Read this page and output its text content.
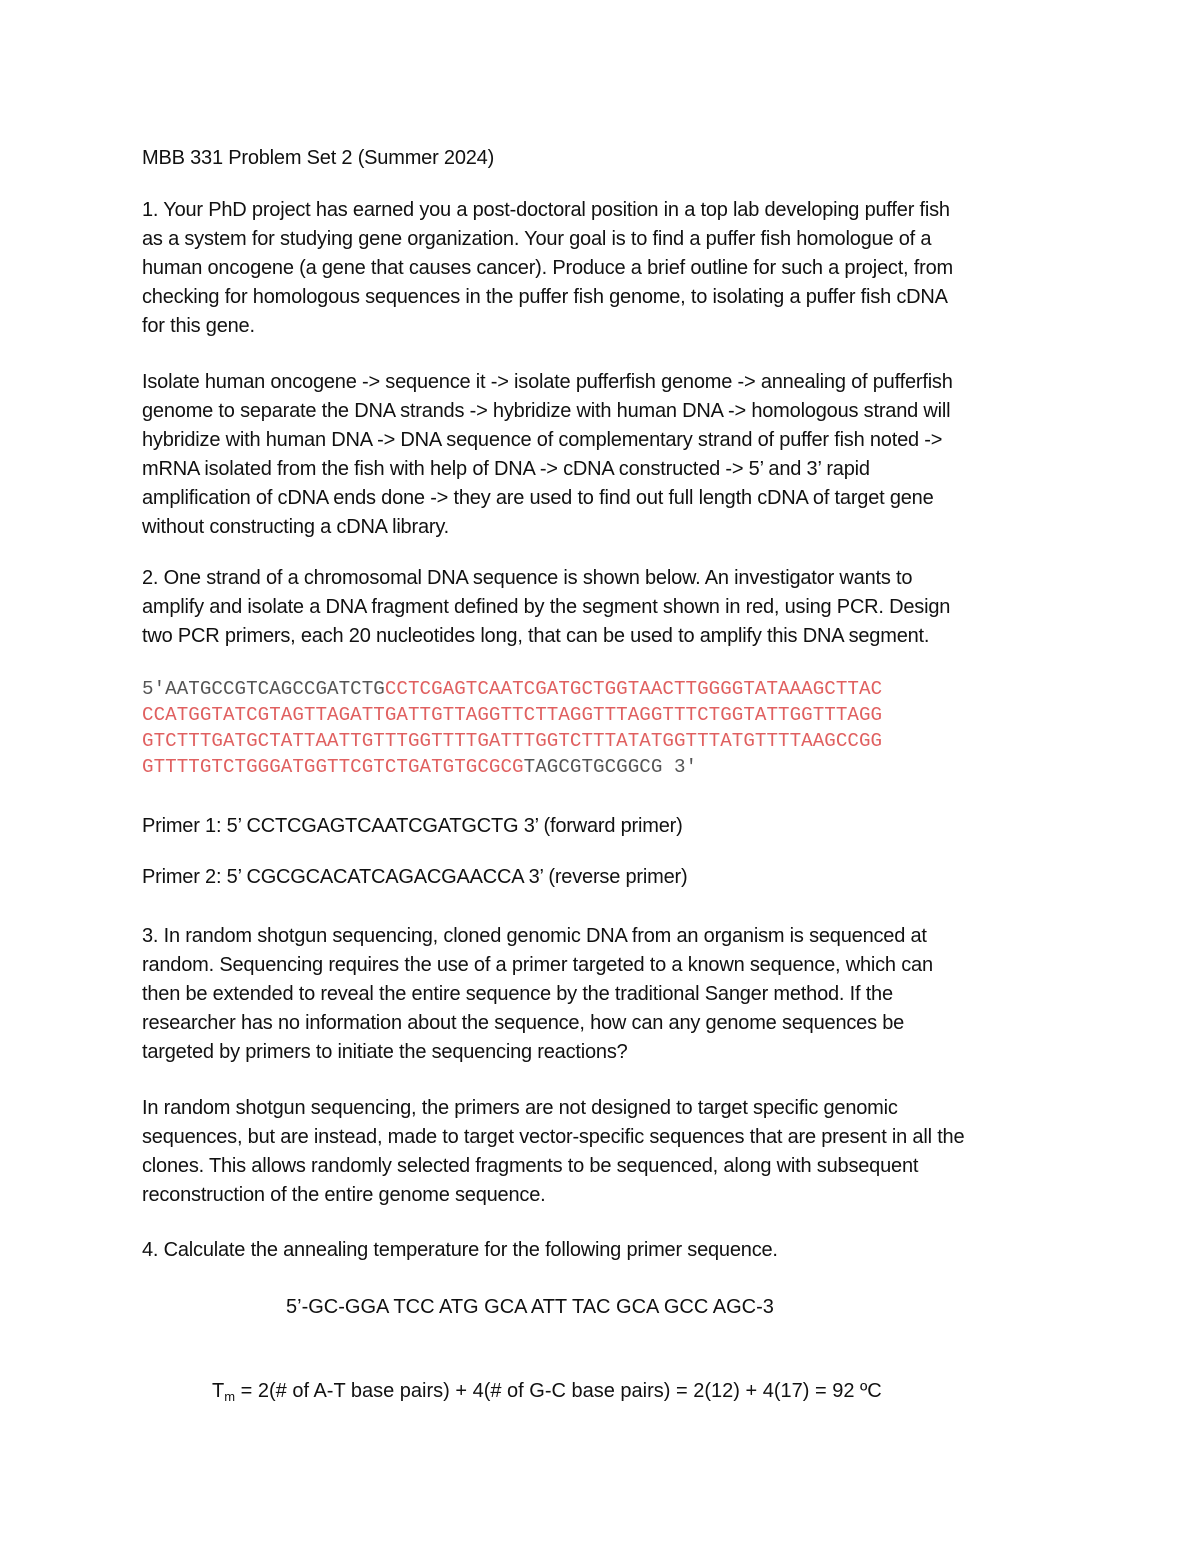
MBB 331 Problem Set 2 (Summer 2024)

1. Your PhD project has earned you a post-doctoral position in a top lab developing puffer fish
as a system for studying gene organization. Your goal is to find a puffer fish homologue of a
human oncogene (a gene that causes cancer). Produce a brief outline for such a project, from
checking for homologous sequences in the puffer fish genome, to isolating a puffer fish cDNA
for this gene.
Isolate human oncogene -> sequence it -> isolate pufferfish genome -> annealing of pufferfish
genome to separate the DNA strands -> hybridize with human DNA -> homologous strand will
hybridize with human DNA -> DNA sequence of complementary strand of puffer fish noted ->
mRNA isolated from the fish with help of DNA -> cDNA constructed -> 5’ and 3’ rapid
amplification of cDNA ends done -> they are used to find out full length cDNA of target gene
without constructing a cDNA library.
2. One strand of a chromosomal DNA sequence is shown below. An investigator wants to
amplify and isolate a DNA fragment defined by the segment shown in red, using PCR. Design
two PCR primers, each 20 nucleotides long, that can be used to amplify this DNA segment.
5'AATGCCGTCAGCCGATCTGCCTCGAGTCAATCGATGCTGGTAACTTGGGGTATAAAGCTTAC
CCATGGTATCGTAGTTAGATTGATTGTTAGGTTCTTAGGTTTAGGTTTCTGGTATTGGTTTAGG
GTCTTTGATGCTATTAATTGTTTGGTTTTGATTTGGTCTTTATATGGTTTATGTTTTAAGCCGG
GTTTTGTCTGGGATGGTTCGTCTGATGTGCGCGTAGCGTGCGGCG 3'

Primer 1: 5’ CCTCGAGTCAATCGATGCTG 3’ (forward primer)

Primer 2: 5’ CGCGCACATCAGACGAACCA 3’ (reverse primer)

3. In random shotgun sequencing, cloned genomic DNA from an organism is sequenced at
random. Sequencing requires the use of a primer targeted to a known sequence, which can
then be extended to reveal the entire sequence by the traditional Sanger method. If the
researcher has no information about the sequence, how can any genome sequences be
targeted by primers to initiate the sequencing reactions?
In random shotgun sequencing, the primers are not designed to target specific genomic
sequences, but are instead, made to target vector-specific sequences that are present in all the
clones. This allows randomly selected fragments to be sequenced, along with subsequent
reconstruction of the entire genome sequence.

4. Calculate the annealing temperature for the following primer sequence.

5’-GC-GGA TCC ATG GCA ATT TAC GCA GCC AGC-3

$T_m$ = 2(# of A-T base pairs) + 4(# of G-C base pairs) = 2(12) + 4(17) = 92 ºC
